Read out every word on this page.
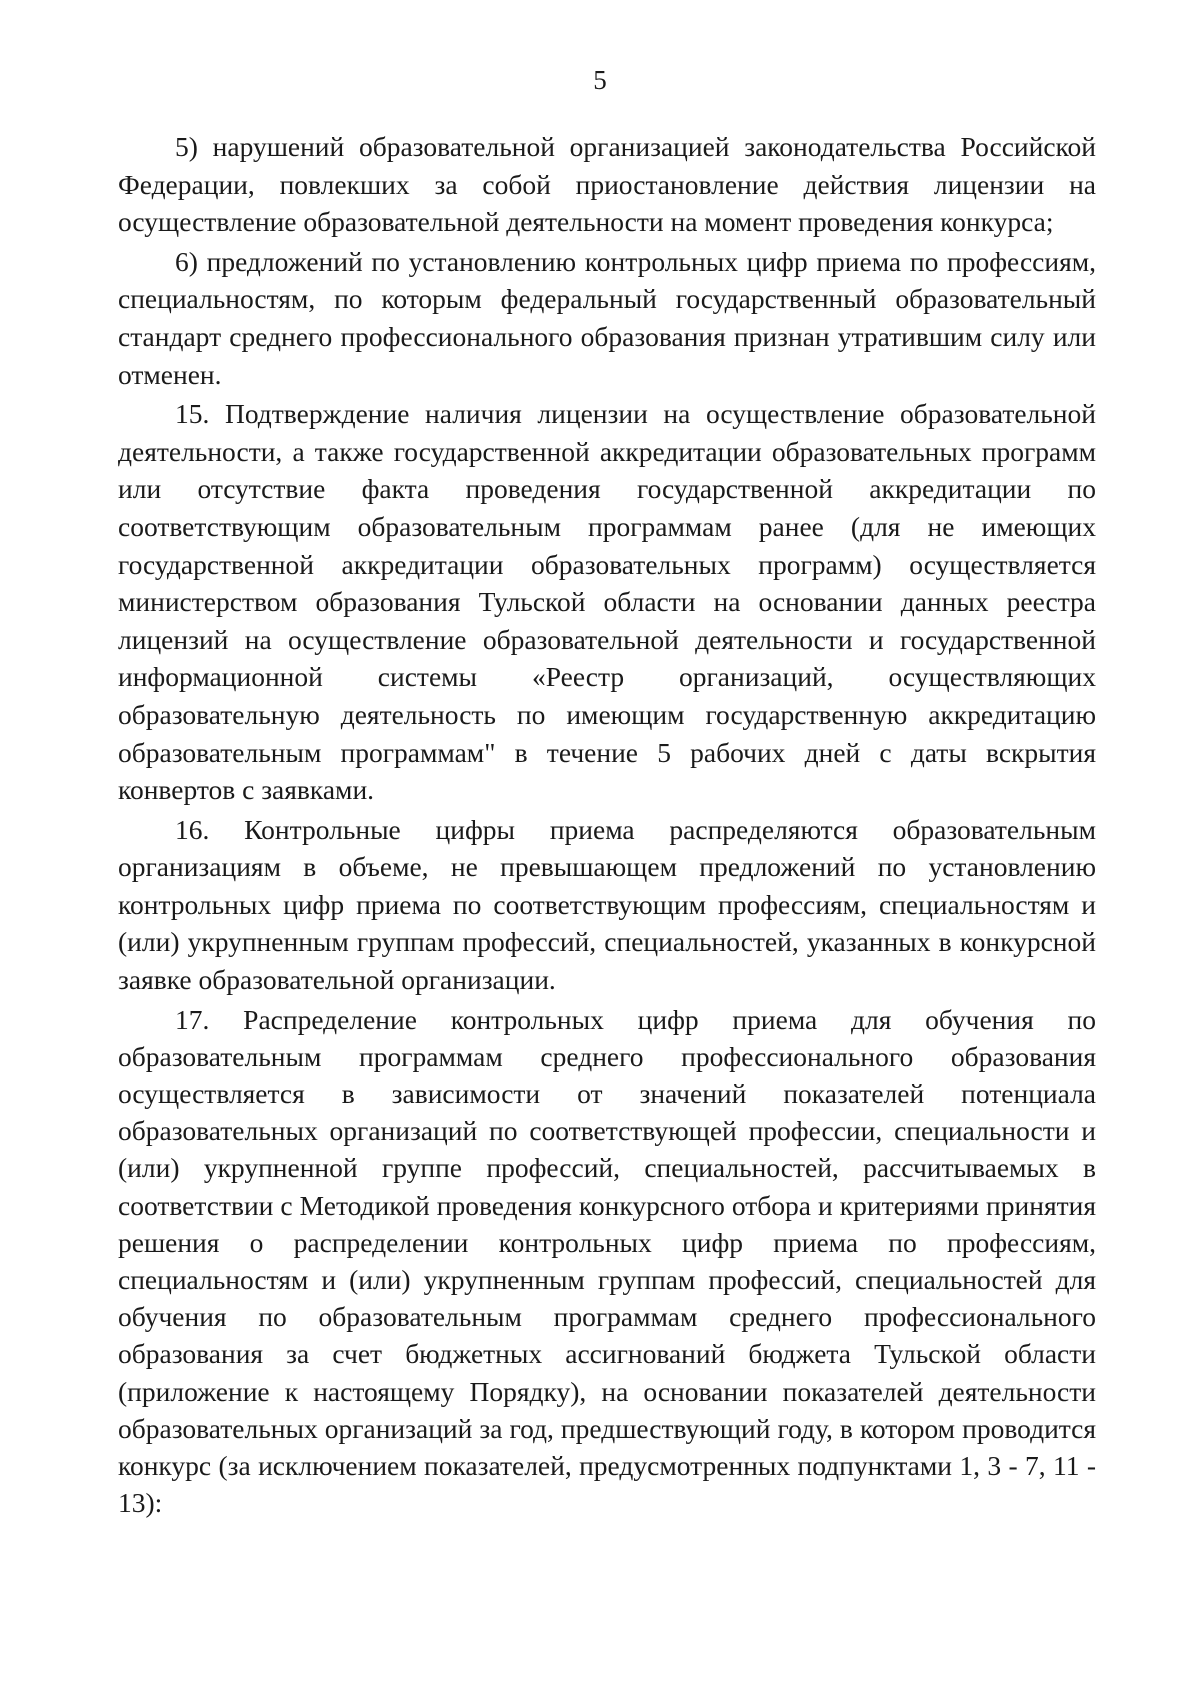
5

5) нарушений образовательной организацией законодательства Российской Федерации, повлекших за собой приостановление действия лицензии на осуществление образовательной деятельности на момент проведения конкурса;

6) предложений по установлению контрольных цифр приема по профессиям, специальностям, по которым федеральный государственный образовательный стандарт среднего профессионального образования признан утратившим силу или отменен.

15. Подтверждение наличия лицензии на осуществление образовательной деятельности, а также государственной аккредитации образовательных программ или отсутствие факта проведения государственной аккредитации по соответствующим образовательным программам ранее (для не имеющих государственной аккредитации образовательных программ) осуществляется министерством образования Тульской области на основании данных реестра лицензий на осуществление образовательной деятельности и государственной информационной системы «Реестр организаций, осуществляющих образовательную деятельность по имеющим государственную аккредитацию образовательным программам" в течение 5 рабочих дней с даты вскрытия конвертов с заявками.

16. Контрольные цифры приема распределяются образовательным организациям в объеме, не превышающем предложений по установлению контрольных цифр приема по соответствующим профессиям, специальностям и (или) укрупненным группам профессий, специальностей, указанных в конкурсной заявке образовательной организации.

17. Распределение контрольных цифр приема для обучения по образовательным программам среднего профессионального образования осуществляется в зависимости от значений показателей потенциала образовательных организаций по соответствующей профессии, специальности и (или) укрупненной группе профессий, специальностей, рассчитываемых в соответствии с Методикой проведения конкурсного отбора и критериями принятия решения о распределении контрольных цифр приема по профессиям, специальностям и (или) укрупненным группам профессий, специальностей для обучения по образовательным программам среднего профессионального образования за счет бюджетных ассигнований бюджета Тульской области (приложение к настоящему Порядку), на основании показателей деятельности образовательных организаций за год, предшествующий году, в котором проводится конкурс (за исключением показателей, предусмотренных подпунктами 1, 3 - 7, 11 - 13):
